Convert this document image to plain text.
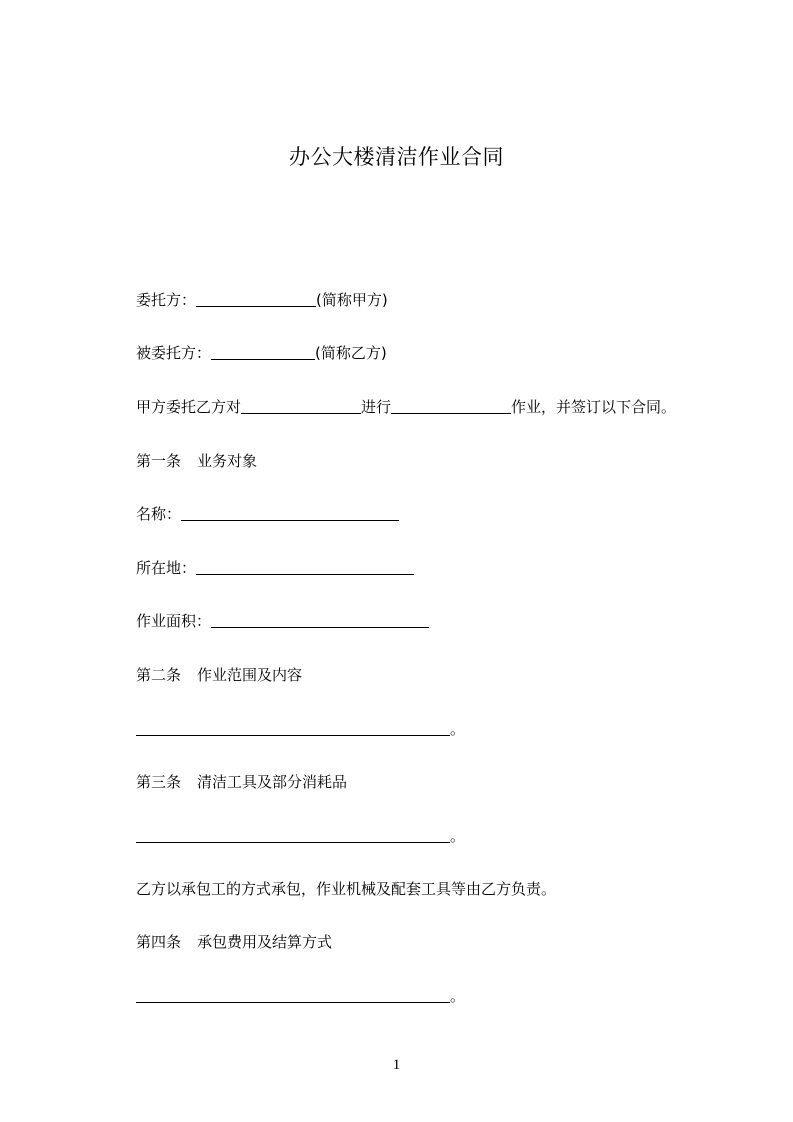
办公大楼清洁作业合同
委托方：	(简称甲方)
被委托方：	(简称乙方)
甲方委托乙方对	进行	作业，并签订以下合同。
第一条 业务对象
名称：
所在地：
作业面积：
第二条 作业范围及内容
。
第三条 清洁工具及部分消耗品
。
乙方以承包工的方式承包，作业机械及配套工具等由乙方负责。
第四条 承包费用及结算方式
。
1
